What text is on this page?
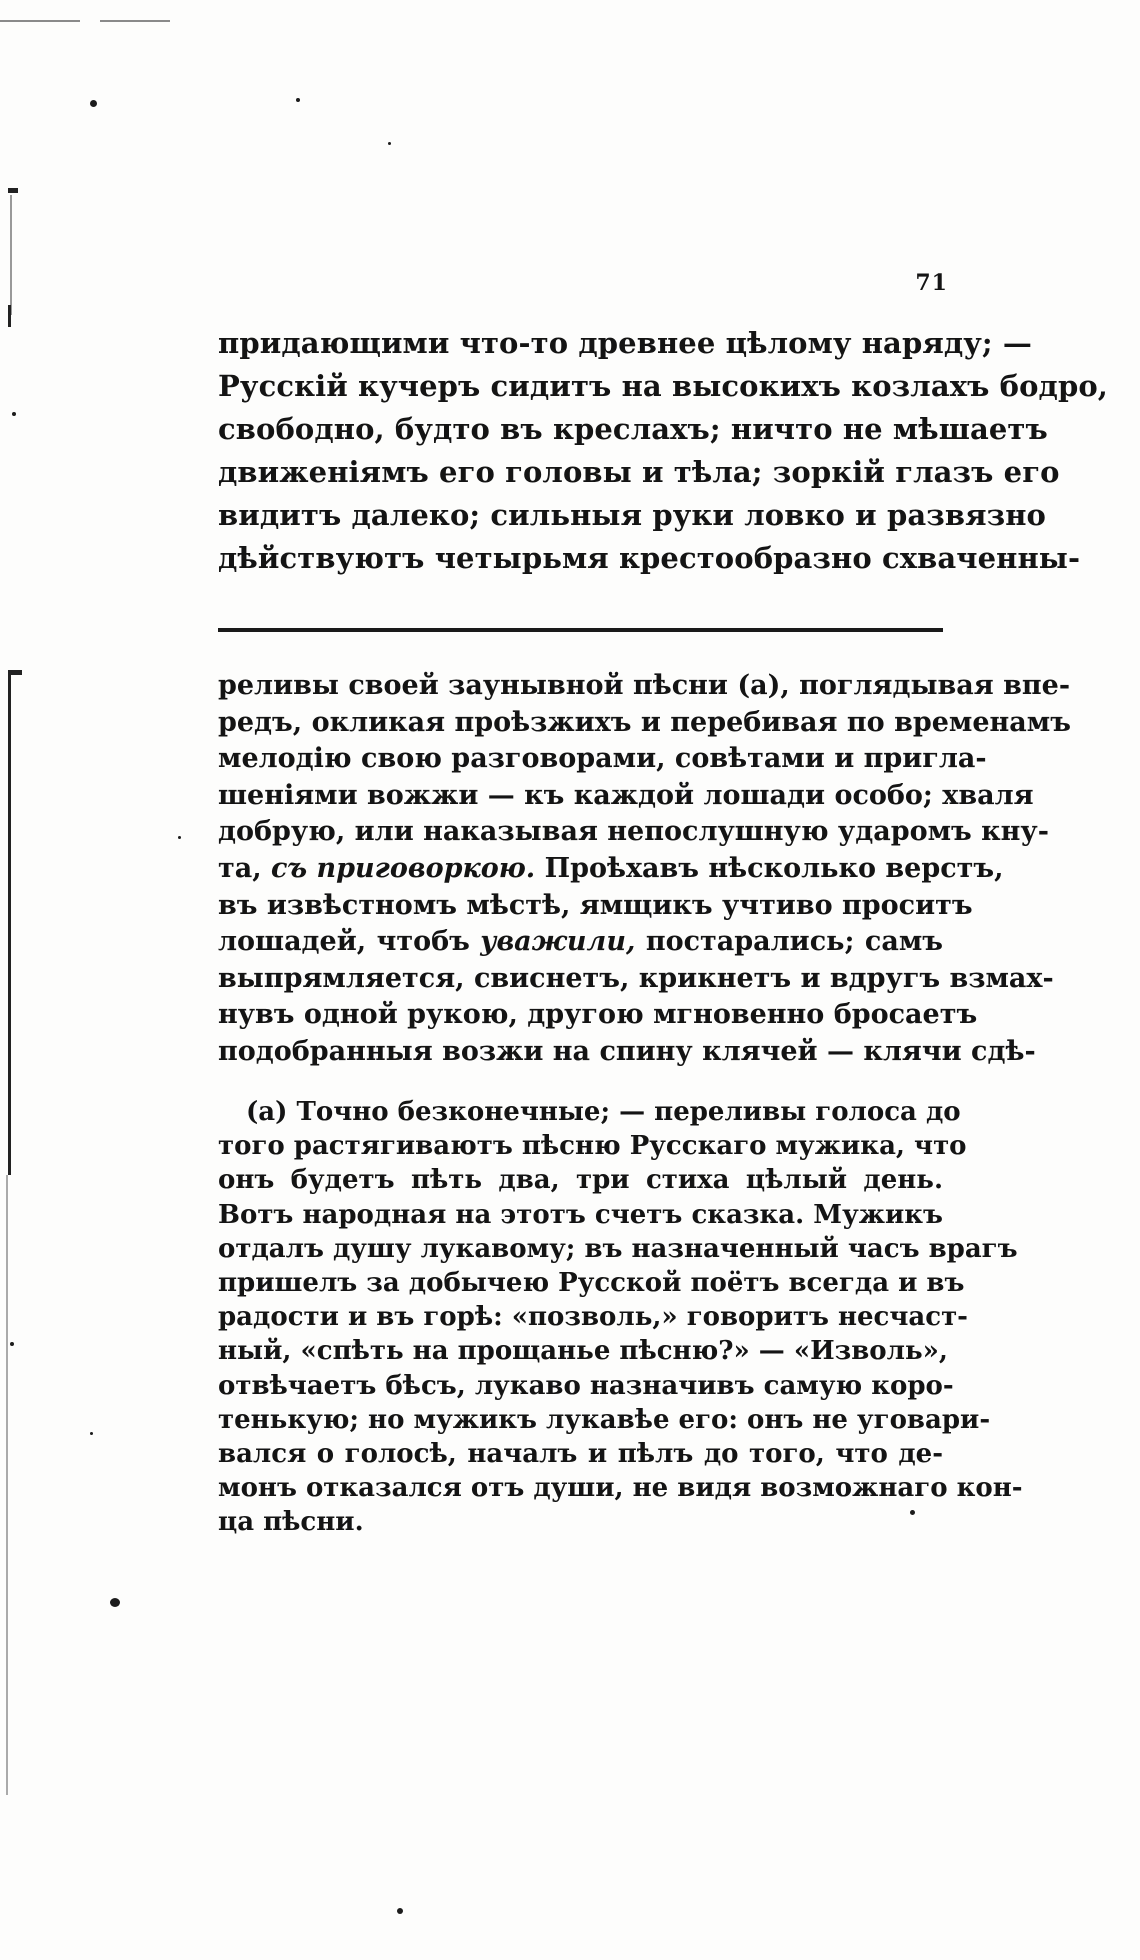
71
придающими что-то древнее цѣлому наряду; —
Русскій кучеръ сидитъ на высокихъ козлахъ бодро,
свободно, будто въ креслахъ; ничто не мѣшаетъ
движеніямъ его головы и тѣла; зоркій глазъ его
видитъ далеко; сильныя руки ловко и развязно
дѣйствуютъ четырьмя крестообразно схваченны-
реливы своей заунывной пѣсни (а), поглядывая впе-
редъ, окликая проѣзжихъ и перебивая по временамъ
мелодію свою разговорами, совѣтами и пригла-
шеніями вожжи — къ каждой лошади особо; хваля
добрую, или наказывая непослушную ударомъ кну-
та, съ приговоркою. Проѣхавъ нѣсколько верстъ,
въ извѣстномъ мѣстѣ, ямщикъ учтиво проситъ
лошадей, чтобъ уважили, постарались; самъ
выпрямляется, свиснетъ, крикнетъ и вдругъ взмах-
нувъ одной рукою, другою мгновенно бросаетъ
подобранныя возжи на спину клячей — клячи сдѣ-
(а) Точно безконечные; — переливы голоса до
того растягиваютъ пѣсню Русскаго мужика, что
онъ будетъ пѣть два, три стиха цѣлый день.
Вотъ народная на этотъ счетъ сказка. Мужикъ
отдалъ душу лукавому; въ назначенный часъ врагъ
пришелъ за добычею Русской поётъ всегда и въ
радости и въ горѣ: «позволь,» говоритъ несчаст-
ный, «спѣть на прощанье пѣсню?» — «Изволь»,
отвѣчаетъ бѣсъ, лукаво назначивъ самую коро-
тенькую; но мужикъ лукавѣе его: онъ не уговари-
вался о голосѣ, началъ и пѣлъ до того, что де-
монъ отказался отъ души, не видя возможнаго кон-
ца пѣсни.
